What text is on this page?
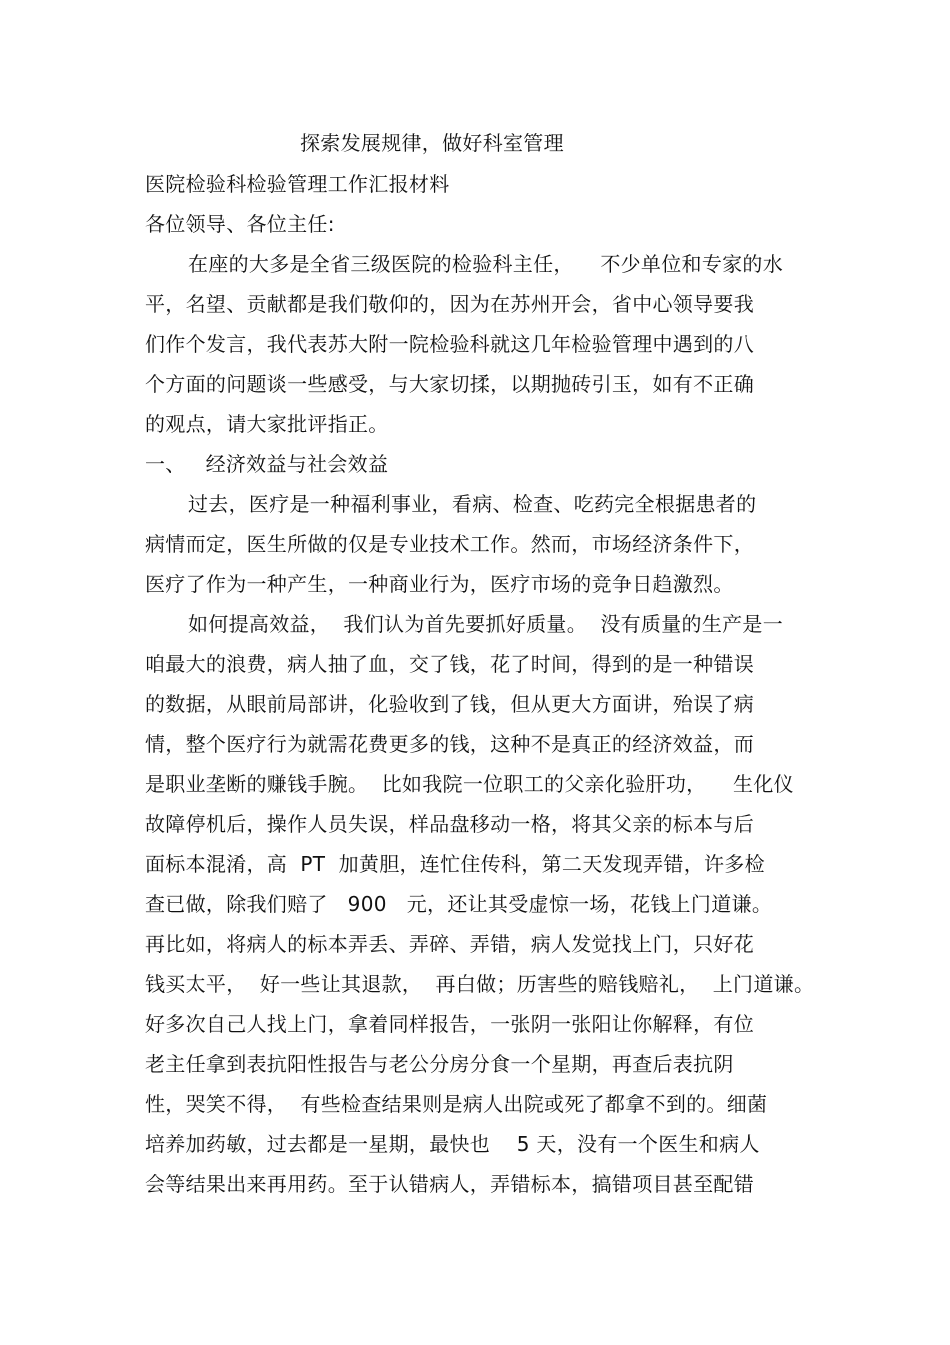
探索发展规律，做好科室管理
医院检验科检验管理工作汇报材料
各位领导、各位主任:
在座的大多是全省三级医院的检验科主任，    不少单位和专家的水
平，名望、贡献都是我们敬仰的，因为在苏州开会，省中心领导要我
们作个发言，我代表苏大附一院检验科就这几年检验管理中遇到的八
个方面的问题谈一些感受，与大家切揉，以期抛砖引玉，如有不正确
的观点，请大家批评指正。
一、   经济效益与社会效益
过去，医疗是一种福利事业，看病、检查、吃药完全根据患者的
病情而定，医生所做的仅是专业技术工作。然而，市场经济条件下，
医疗了作为一种产生，一种商业行为，医疗市场的竞争日趋激烈。
如何提高效益，  我们认为首先要抓好质量。  没有质量的生产是一
咱最大的浪费，病人抽了血，交了钱，花了时间，得到的是一种错误
的数据，从眼前局部讲，化验收到了钱，但从更大方面讲，殆误了病
情，整个医疗行为就需花费更多的钱，这种不是真正的经济效益，而
是职业垄断的赚钱手腕。  比如我院一位职工的父亲化验肝功，    生化仪
故障停机后，操作人员失误，样品盘移动一格，将其父亲的标本与后
面标本混淆，高  PT  加黄胆，连忙住传科，第二天发现弄错，许多检
查已做，除我们赔了   900   元，还让其受虚惊一场，花钱上门道谦。
再比如，将病人的标本弄丢、弄碎、弄错，病人发觉找上门，只好花
钱买太平，  好一些让其退款，  再白做；历害些的赔钱赔礼，  上门道谦。
好多次自己人找上门，拿着同样报告，一张阴一张阳让你解释，有位
老主任拿到表抗阳性报告与老公分房分食一个星期，再查后表抗阴
性，哭笑不得，  有些检查结果则是病人出院或死了都拿不到的。细菌
培养加药敏，过去都是一星期，最快也    5 天，没有一个医生和病人
会等结果出来再用药。至于认错病人，弄错标本，搞错项目甚至配错
